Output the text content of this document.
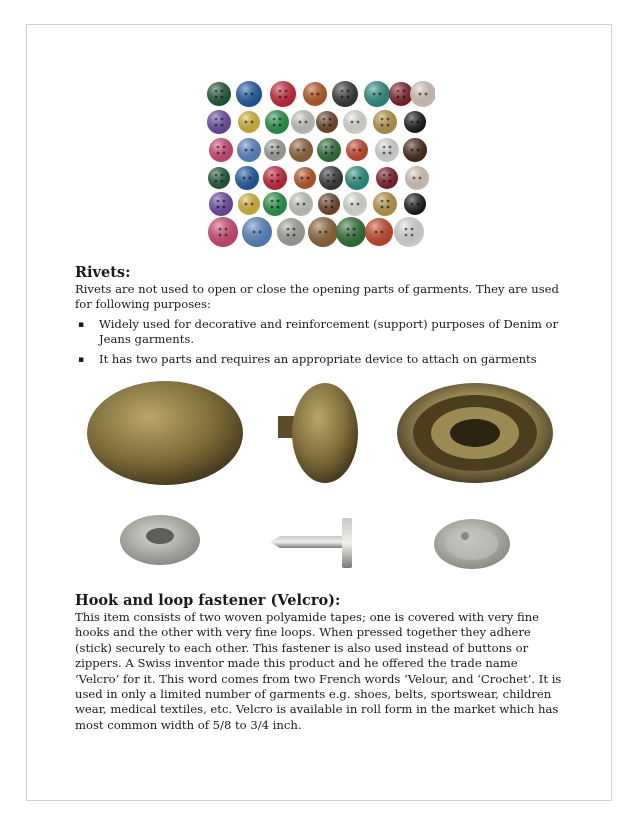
Rivets:

Rivets are not used to open or close the opening parts of garments. They are used for following purposes:

▪ Widely used for decorative and reinforcement (support) purposes of Denim or Jeans garments.
▪ It has two parts and requires an appropriate device to attach on garments
Hook and loop fastener (Velcro):

This item consists of two woven polyamide tapes; one is covered with very fine hooks and the other with very fine loops. When pressed together they adhere (stick) securely to each other. This fastener is also used instead of buttons or zippers. A Swiss inventor made this product and he offered the trade name ‘Velcro’ for it. This word comes from two French words ‘Velour, and ‘Crochet’. It is used in only a limited number of garments e.g. shoes, belts, sportswear, children wear, medical textiles, etc. Velcro is available in roll form in the market which has most common width of 5/8 to 3/4 inch.
